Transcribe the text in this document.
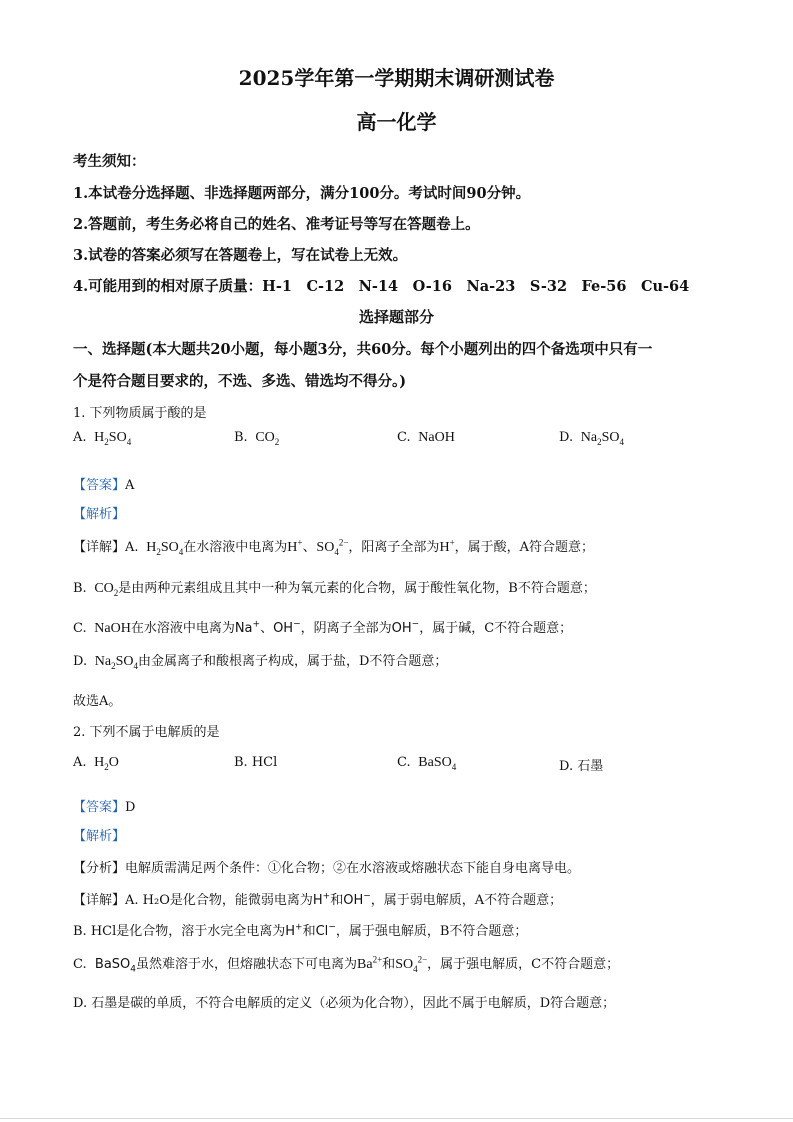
2025学年第一学期期末调研测试卷
高一化学
考生须知：
1.本试卷分选择题、非选择题两部分，满分100分。考试时间90分钟。
2.答题前，考生务必将自己的姓名、准考证号等写在答题卷上。
3.试卷的答案必须写在答题卷上，写在试卷上无效。
4.可能用到的相对原子质量：H-1　C-12　N-14　O-16　Na-23　S-32　Fe-56　Cu-64
选择题部分
一、选择题(本大题共20小题，每小题3分，共60分。每个小题列出的四个备选项中只有一
个是符合题目要求的，不选、多选、错选均不得分。)
1. 下列物质属于酸的是
A.  $H_2SO_4$	B.  $CO_2$	C.  NaOH	D.  $Na_2SO_4$
【答案】A
【解析】
【详解】A.  $H_2SO_4$在水溶液中电离为H+、$SO_4^{2-}$，阳离子全部为H+，属于酸，A符合题意；
B.  $CO_2$是由两种元素组成且其中一种为氧元素的化合物，属于酸性氧化物，B不符合题意；
C.  NaOH在水溶液中电离为Na+、OH−，阴离子全部为OH−，属于碱，C不符合题意；
D.  $Na_2SO_4$由金属离子和酸根离子构成，属于盐，D不符合题意；
故选A。
2. 下列不属于电解质的是
A.  $H_2O$	B. HCl	C.  BaSO$_4$	D. 石墨
【答案】D
【解析】
【分析】电解质需满足两个条件：①化合物；②在水溶液或熔融状态下能自身电离导电。
【详解】A. H₂O是化合物，能微弱电离为H+和OH−，属于弱电解质，A不符合题意；
B. HCl是化合物，溶于水完全电离为H+和Cl−，属于强电解质，B不符合题意；
C.  BaSO$_4$虽然难溶于水，但熔融状态下可电离为$Ba^{2+}$和$SO_4^{2-}$，属于强电解质，C不符合题意；
D. 石墨是碳的单质，不符合电解质的定义（必须为化合物），因此不属于电解质，D符合题意；
